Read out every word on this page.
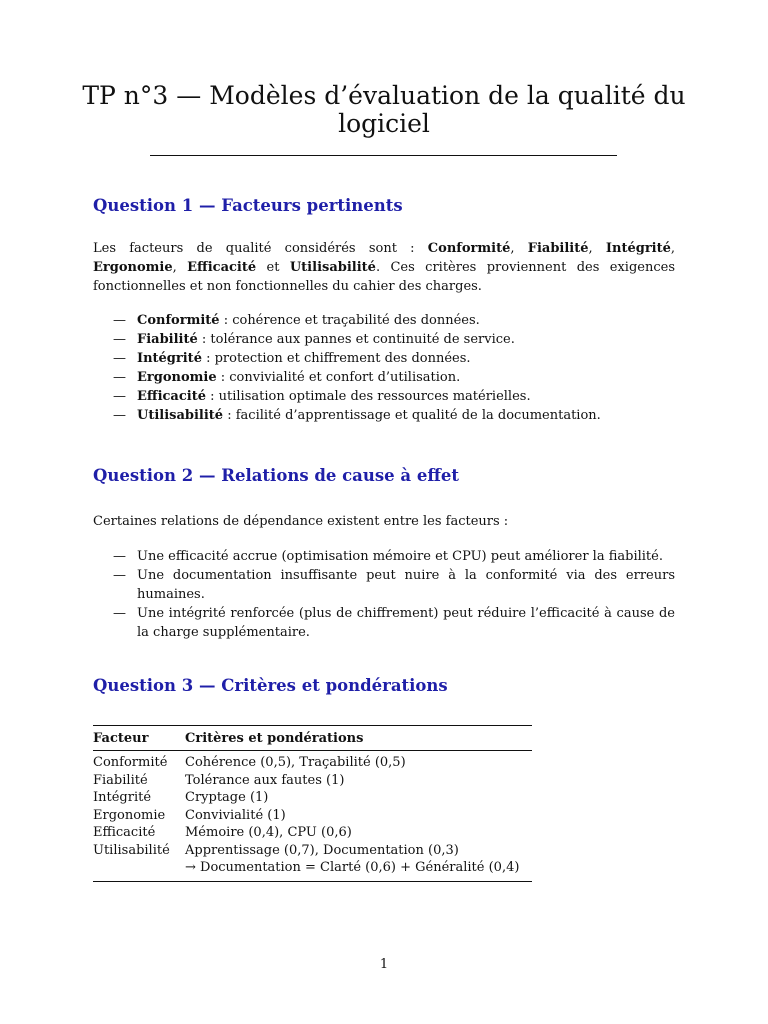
TP n°3 — Modèles d’évaluation de la qualité du logiciel
Question 1 — Facteurs pertinents
Les facteurs de qualité considérés sont : Conformité, Fiabilité, Intégrité, Ergonomie, Efficacité et Utilisabilité. Ces critères proviennent des exigences fonctionnelles et non fonctionnelles du cahier des charges.
— Conformité : cohérence et traçabilité des données.
— Fiabilité : tolérance aux pannes et continuité de service.
— Intégrité : protection et chiffrement des données.
— Ergonomie : convivialité et confort d’utilisation.
— Efficacité : utilisation optimale des ressources matérielles.
— Utilisabilité : facilité d’apprentissage et qualité de la documentation.
Question 2 — Relations de cause à effet
Certaines relations de dépendance existent entre les facteurs :
— Une efficacité accrue (optimisation mémoire et CPU) peut améliorer la fiabilité.
— Une documentation insuffisante peut nuire à la conformité via des erreurs humaines.
— Une intégrité renforcée (plus de chiffrement) peut réduire l’efficacité à cause de la charge supplémentaire.
Question 3 — Critères et pondérations
Facteur	Critères et pondérations
Conformité	Cohérence (0,5), Traçabilité (0,5)
Fiabilité	Tolérance aux fautes (1)
Intégrité	Cryptage (1)
Ergonomie	Convivialité (1)
Efficacité	Mémoire (0,4), CPU (0,6)
Utilisabilité	Apprentissage (0,7), Documentation (0,3)
	→ Documentation = Clarté (0,6) + Généralité (0,4)
1
